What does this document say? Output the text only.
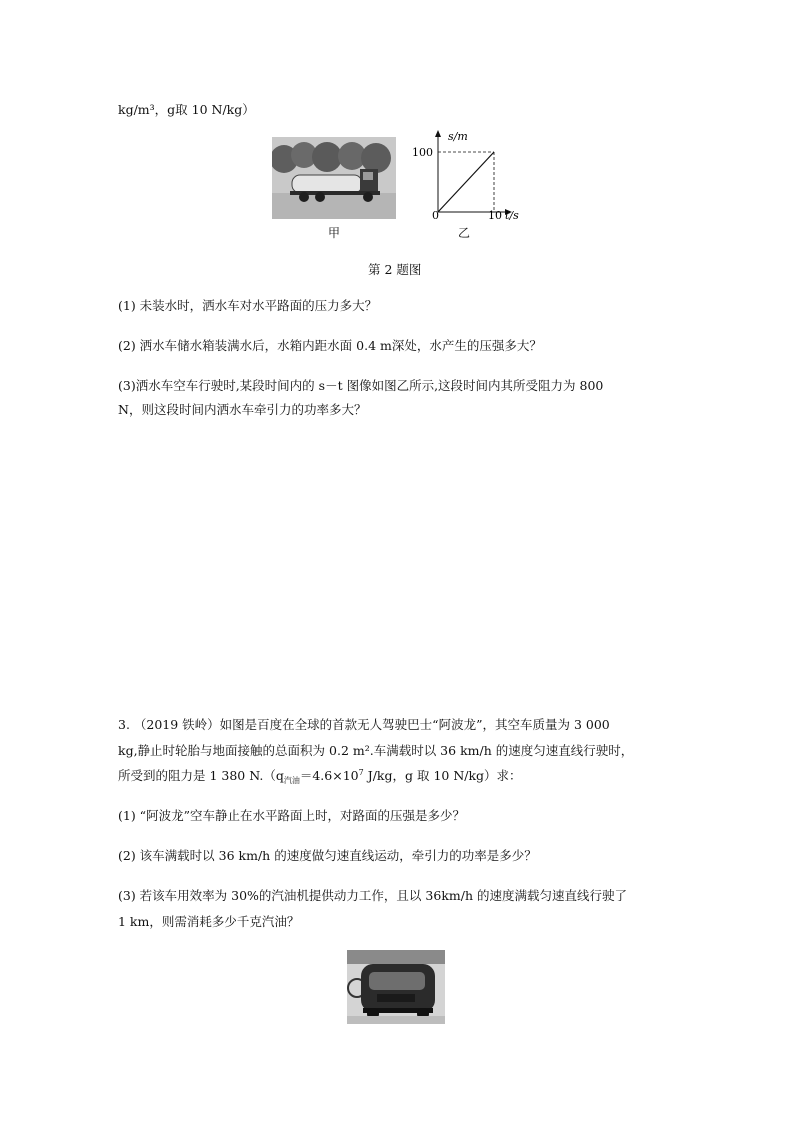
kg/m³，g取 10 N/kg）
甲
s/m
100
0	10 t/s
乙
第 2 题图
(1) 未装水时，洒水车对水平路面的压力多大？
(2) 洒水车储水箱装满水后，水箱内距水面 0.4 m深处，水产生的压强多大？
(3)洒水车空车行驶时,某段时间内的 s－t 图像如图乙所示,这段时间内其所受阻力为 800
N，则这段时间内洒水车牵引力的功率多大？
3. （2019 铁岭）如图是百度在全球的首款无人驾驶巴士“阿波龙”，其空车质量为 3 000
kg,静止时轮胎与地面接触的总面积为 0.2 m².车满载时以 36 km/h 的速度匀速直线行驶时，
所受到的阻力是 1 380 $N.(q_{汽油}=4.6\times 10^7$ J/kg，g 取 10 N/kg）求：
(1) “阿波龙”空车静止在水平路面上时，对路面的压强是多少？
(2) 该车满载时以 36 km/h 的速度做匀速直线运动，牵引力的功率是多少？
(3) 若该车用效率为 30%的汽油机提供动力工作，且以 36km/h 的速度满载匀速直线行驶了
1 km，则需消耗多少千克汽油？
